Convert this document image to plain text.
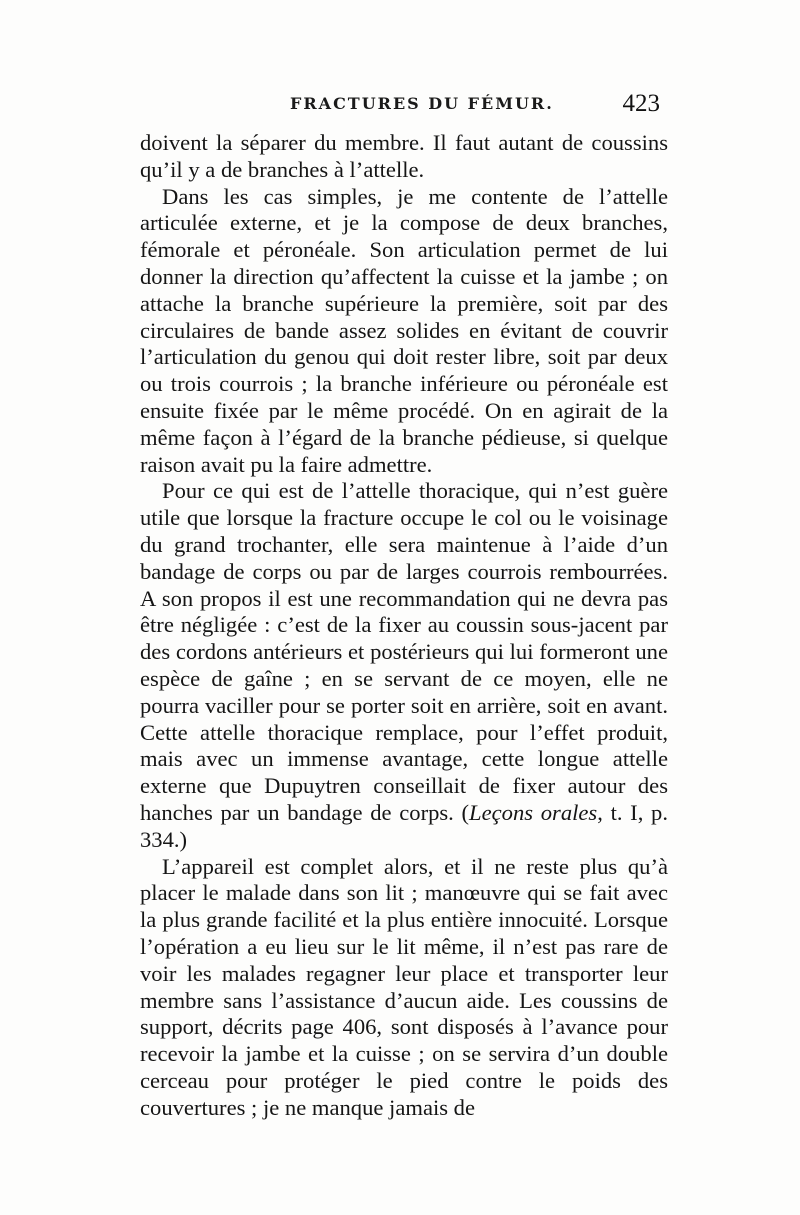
FRACTURES DU FÉMUR.	423

doivent la séparer du membre. Il faut autant de coussins qu’il y a de branches à l’attelle.

Dans les cas simples, je me contente de l’attelle articulée externe, et je la compose de deux branches, fémorale et péronéale. Son articulation permet de lui donner la direction qu’affectent la cuisse et la jambe ; on attache la branche supérieure la première, soit par des circulaires de bande assez solides en évitant de couvrir l’articulation du genou qui doit rester libre, soit par deux ou trois courrois ; la branche inférieure ou péronéale est ensuite fixée par le même procédé. On en agirait de la même façon à l’égard de la branche pédieuse, si quelque raison avait pu la faire admettre.

Pour ce qui est de l’attelle thoracique, qui n’est guère utile que lorsque la fracture occupe le col ou le voisinage du grand trochanter, elle sera maintenue à l’aide d’un bandage de corps ou par de larges courrois rembourrées. A son propos il est une recommandation qui ne devra pas être négligée : c’est de la fixer au coussin sous-jacent par des cordons antérieurs et postérieurs qui lui formeront une espèce de gaîne ; en se servant de ce moyen, elle ne pourra vaciller pour se porter soit en arrière, soit en avant. Cette attelle thoracique remplace, pour l’effet produit, mais avec un immense avantage, cette longue attelle externe que Dupuytren conseillait de fixer autour des hanches par un bandage de corps. (Leçons orales, t. I, p. 334.)

L’appareil est complet alors, et il ne reste plus qu’à placer le malade dans son lit ; manœuvre qui se fait avec la plus grande facilité et la plus entière innocuité. Lorsque l’opération a eu lieu sur le lit même, il n’est pas rare de voir les malades regagner leur place et transporter leur membre sans l’assistance d’aucun aide. Les coussins de support, décrits page 406, sont disposés à l’avance pour recevoir la jambe et la cuisse ; on se servira d’un double cerceau pour protéger le pied contre le poids des couvertures ; je ne manque jamais de
